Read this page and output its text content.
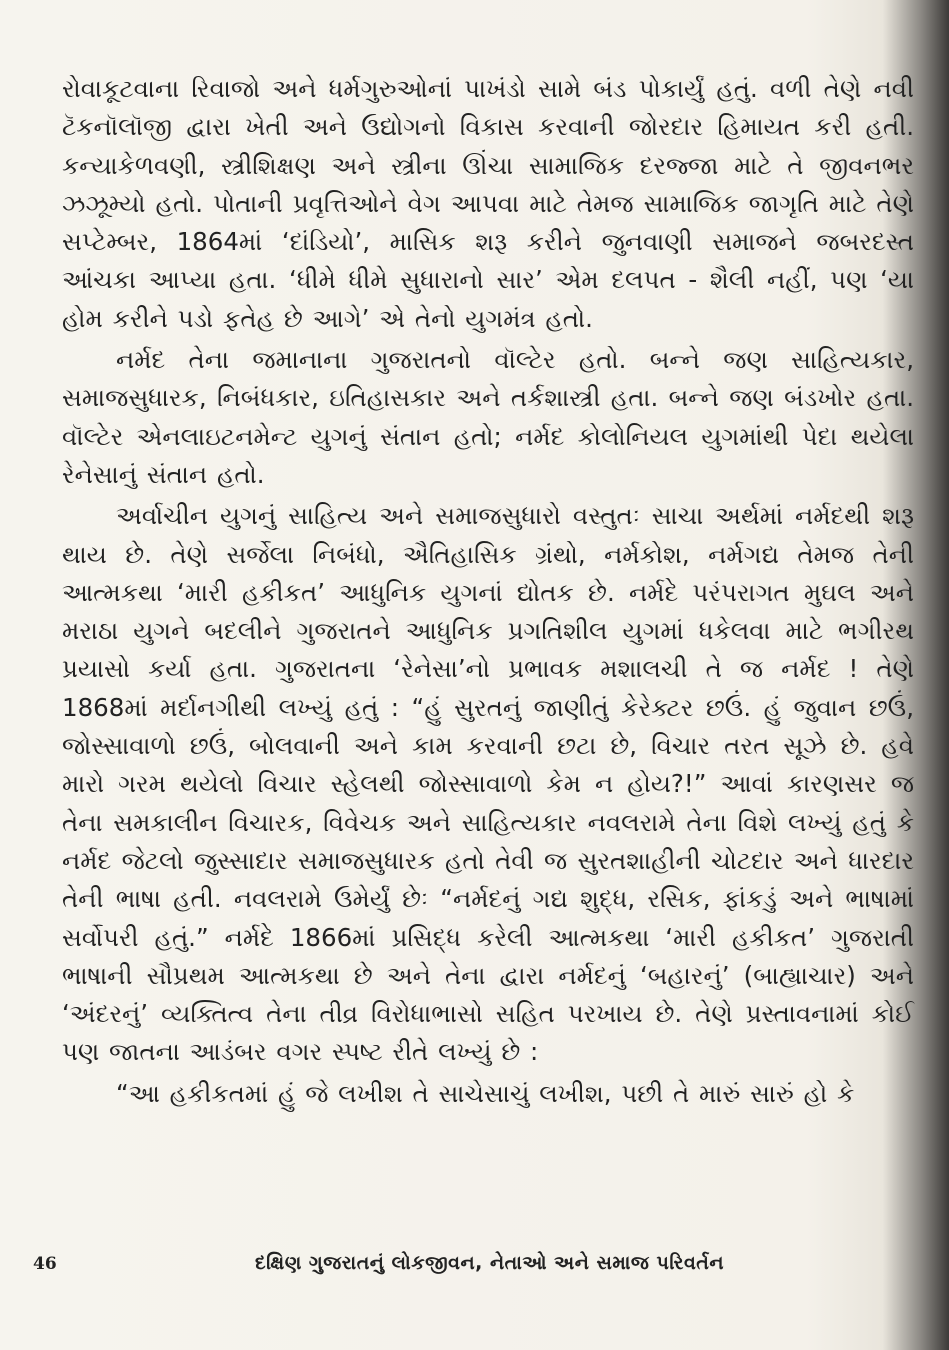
રોવાકૂટવાના રિવાજો અને ધર્મગુરુઓનાં પાખંડો સામે બંડ પોકાર્યું હતું. વળી તેણે નવી ટૅકનૉલૉજી દ્વારા ખેતી અને ઉદ્યોગનો વિકાસ કરવાની જોરદાર હિમાયત કરી હતી. કન્યાકેળવણી, સ્ત્રીશિક્ષણ અને સ્ત્રીના ઊંચા સામાજિક દરજ્જા માટે તે જીવનભર ઝઝૂમ્યો હતો. પોતાની પ્રવૃત્તિઓને વેગ આપવા માટે તેમજ સામાજિક જાગૃતિ માટે તેણે સપ્ટેમ્બર, 1864માં ‘દાંડિયો’, માસિક શરૂ કરીને જુનવાણી સમાજને જબરદસ્ત આંચકા આપ્યા હતા. ‘ધીમે ધીમે સુધારાનો સાર’ એમ દલપત - શૈલી નહીં, પણ ‘યા હોમ કરીને પડો ફતેહ છે આગે’ એ તેનો યુગમંત્ર હતો.

નર્મદ તેના જમાનાના ગુજરાતનો વૉલ્ટેર હતો. બન્ને જણ સાહિત્યકાર, સમાજસુધારક, નિબંધકાર, ઇતિહાસકાર અને તર્કશાસ્ત્રી હતા. બન્ને જણ બંડખોર હતા. વૉલ્ટેર એનલાઇટનમેન્ટ યુગનું સંતાન હતો; નર્મદ કોલોનિયલ યુગમાંથી પેદા થયેલા રેનેસાનું સંતાન હતો.

અર્વાચીન યુગનું સાહિત્ય અને સમાજસુધારો વસ્તુતઃ સાચા અર્થમાં નર્મદથી શરૂ થાય છે. તેણે સર્જેલા નિબંધો, ઐતિહાસિક ગ્રંથો, નર્મકોશ, નર્મગદ્ય તેમજ તેની આત્મકથા ‘મારી હકીકત’ આધુનિક યુગનાં દ્યોતક છે. નર્મદે પરંપરાગત મુઘલ અને મરાઠા યુગને બદલીને ગુજરાતને આધુનિક પ્રગતિશીલ યુગમાં ધકેલવા માટે ભગીરથ પ્રયાસો કર્યા હતા. ગુજરાતના ‘રેનેસા’નો પ્રભાવક મશાલચી તે જ નર્મદ ! તેણે 1868માં મર્દાનગીથી લખ્યું હતું : “હું સુરતનું જાણીતું કેરેક્ટર છઉં. હું જુવાન છઉં, જોસ્સાવાળો છઉં, બોલવાની અને કામ કરવાની છટા છે, વિચાર તરત સૂઝે છે. હવે મારો ગરમ થયેલો વિચાર સ્હેલથી જોસ્સાવાળો કેમ ન હોય?!” આવાં કારણસર જ તેના સમકાલીન વિચારક, વિવેચક અને સાહિત્યકાર નવલરામે તેના વિશે લખ્યું હતું કે નર્મદ જેટલો જુસ્સાદાર સમાજસુધારક હતો તેવી જ સુરતશાહીની ચોટદાર અને ધારદાર તેની ભાષા હતી. નવલરામે ઉમેર્યું છેઃ “નર્મદનું ગદ્ય શુદ્ધ, રસિક, ફાંકડું અને ભાષામાં સર્વોપરી હતું.” નર્મદે 1866માં પ્રસિદ્ધ કરેલી આત્મકથા ‘મારી હકીકત’ ગુજરાતી ભાષાની સૌપ્રથમ આત્મકથા છે અને તેના દ્વારા નર્મદનું ‘બહારનું’ (બાહ્યાચાર) અને ‘અંદરનું’ વ્યક્તિત્વ તેના તીવ્ર વિરોધાભાસો સહિત પરખાય છે. તેણે પ્રસ્તાવનામાં કોઈ પણ જાતના આડંબર વગર સ્પષ્ટ રીતે લખ્યું છે :

“આ હકીકતમાં હું જે લખીશ તે સાચેસાચું લખીશ, પછી તે મારું સારું હો કે

46	દક્ષિણ ગુજરાતનું લોકજીવન, નેતાઓ અને સમાજ પરિવર્તન
